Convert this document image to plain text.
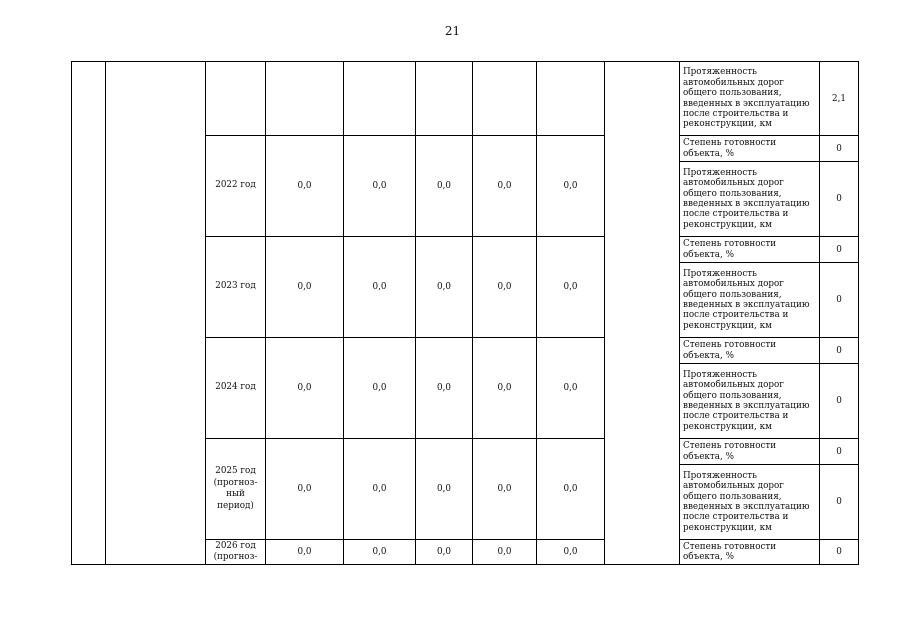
21
									Протяженность автомобильных дорог общего пользования, введенных в эксплуатацию после строительства и реконструкции, км	2,1

		2022 год	0,0	0,0	0,0	0,0	0,0		Степень готовности объекта, %	0
									Протяженность автомобильных дорог общего пользования, введенных в эксплуатацию после строительства и реконструкции, км	0

		2023 год	0,0	0,0	0,0	0,0	0,0		Степень готовности объекта, %	0
									Протяженность автомобильных дорог общего пользования, введенных в эксплуатацию после строительства и реконструкции, км	0

		2024 год	0,0	0,0	0,0	0,0	0,0		Степень готовности объекта, %	0
									Протяженность автомобильных дорог общего пользования, введенных в эксплуатацию после строительства и реконструкции, км	0

		2025 год
(прогноз-ный период)	0,0	0,0	0,0	0,0	0,0		Степень готовности объекта, %	0
									Протяженность автомобильных дорог общего пользования, введенных в эксплуатацию после строительства и реконструкции, км	0

		2026 год
(прогноз-	0,0	0,0	0,0	0,0	0,0		Степень готовности объекта, %	0
